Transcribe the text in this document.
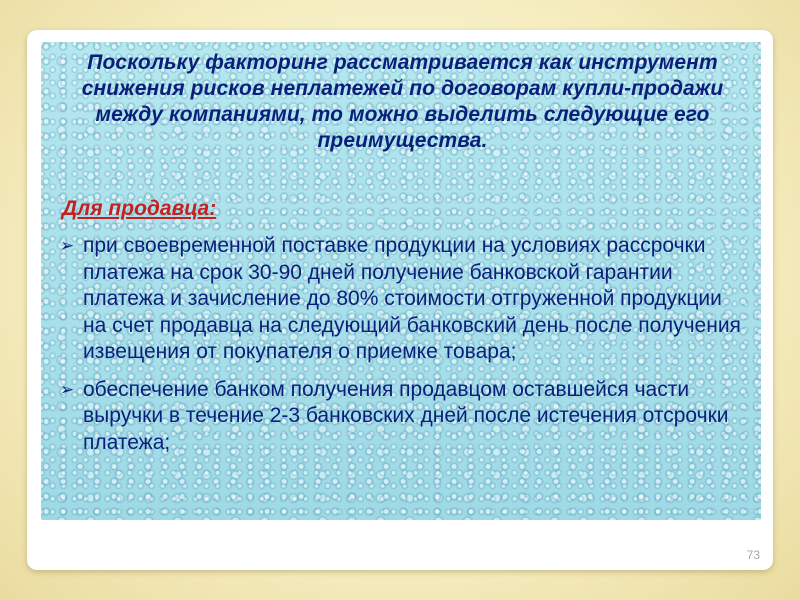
Поскольку факторинг рассматривается как инструмент снижения рисков неплатежей по договорам купли-продажи между компаниями, то можно выделить следующие его преимущества.

Для продавца:

➢ при своевременной поставке продукции на условиях рассрочки платежа на срок 30-90 дней получение банковской гарантии платежа и зачисление до 80% стоимости отгруженной продукции на счет продавца на следующий банковский день после получения извещения от покупателя о приемке товара;
➢ обеспечение банком получения продавцом оставшейся части выручки в течение 2-3 банковских дней после истечения отсрочки платежа;
73
